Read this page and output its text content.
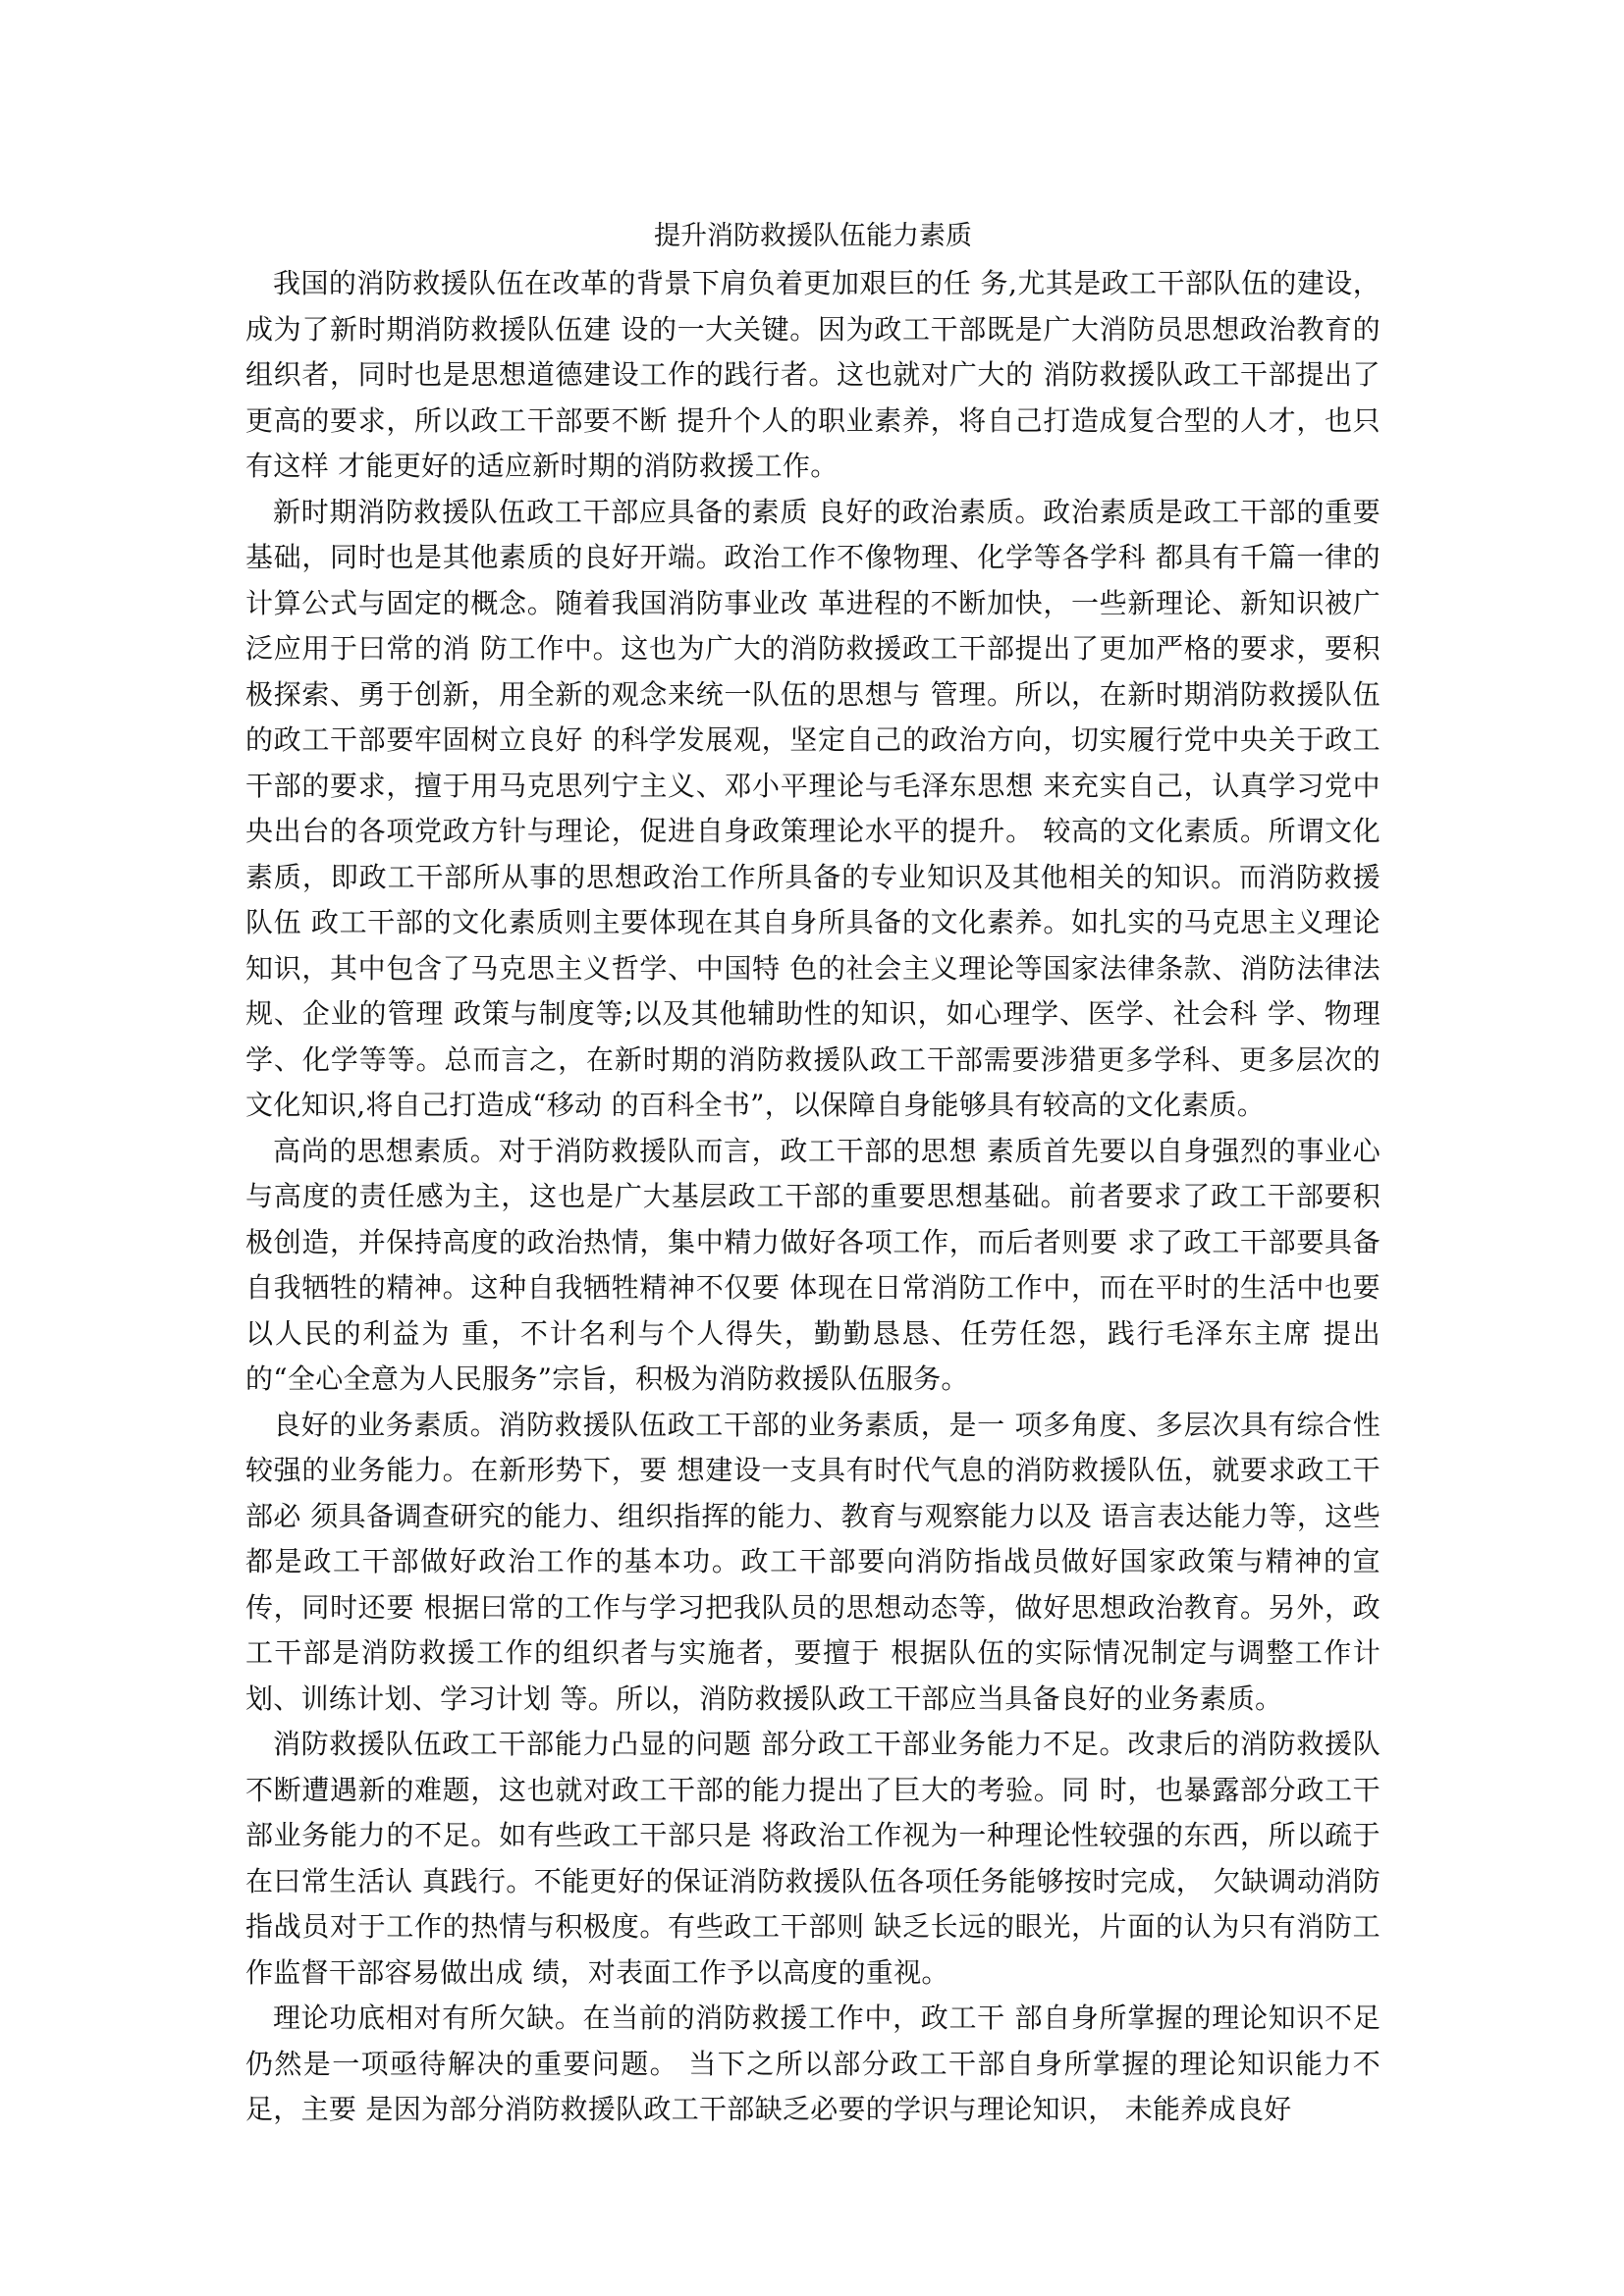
提升消防救援队伍能力素质

我国的消防救援队伍在改革的背景下肩负着更加艰巨的任 务,尤其是政工干部队伍的建设，成为了新时期消防救援队伍建 设的一大关键。因为政工干部既是广大消防员思想政治教育的 组织者，同时也是思想道德建设工作的践行者。这也就对广大的 消防救援队政工干部提出了更高的要求，所以政工干部要不断 提升个人的职业素养，将自己打造成复合型的人才，也只有这样 才能更好的适应新时期的消防救援工作。

新时期消防救援队伍政工干部应具备的素质 良好的政治素质。政治素质是政工干部的重要基础，同时也是其他素质的良好开端。政治工作不像物理、化学等各学科 都具有千篇一律的计算公式与固定的概念。随着我国消防事业改 革进程的不断加快，一些新理论、新知识被广泛应用于曰常的消 防工作中。这也为广大的消防救援政工干部提出了更加严格的要求，要积极探索、勇于创新，用全新的观念来统一队伍的思想与 管理。所以，在新时期消防救援队伍的政工干部要牢固树立良好 的科学发展观，坚定自己的政治方向，切实履行党中央关于政工 干部的要求，擅于用马克思列宁主义、邓小平理论与毛泽东思想 来充实自己，认真学习党中央出台的各项党政方针与理论，促进自身政策理论水平的提升。 较高的文化素质。所谓文化素质，即政工干部所从事的思想政治工作所具备的专业知识及其他相关的知识。而消防救援队伍 政工干部的文化素质则主要体现在其自身所具备的文化素养。如扎实的马克思主义理论知识，其中包含了马克思主义哲学、中国特 色的社会主义理论等国家法律条款、消防法律法规、企业的管理 政策与制度等;以及其他辅助性的知识，如心理学、医学、社会科 学、物理学、化学等等。总而言之，在新时期的消防救援队政工干部需要涉猎更多学科、更多层次的文化知识,将自己打造成“移动 的百科全书”，以保障自身能够具有较高的文化素质。

高尚的思想素质。对于消防救援队而言，政工干部的思想 素质首先要以自身强烈的事业心与高度的责任感为主，这也是广大基层政工干部的重要思想基础。前者要求了政工干部要积极创造，并保持高度的政治热情，集中精力做好各项工作，而后者则要 求了政工干部要具备自我牺牲的精神。这种自我牺牲精神不仅要 体现在日常消防工作中，而在平时的生活中也要以人民的利益为 重，不计名利与个人得失，勤勤恳恳、任劳任怨，践行毛泽东主席 提出的“全心全意为人民服务”宗旨，积极为消防救援队伍服务。

良好的业务素质。消防救援队伍政工干部的业务素质，是一 项多角度、多层次具有综合性较强的业务能力。在新形势下，要 想建设一支具有时代气息的消防救援队伍，就要求政工干部必 须具备调查研究的能力、组织指挥的能力、教育与观察能力以及 语言表达能力等，这些都是政工干部做好政治工作的基本功。政工干部要向消防指战员做好国家政策与精神的宣传，同时还要 根据曰常的工作与学习把我队员的思想动态等，做好思想政治教育。另外，政工干部是消防救援工作的组织者与实施者，要擅于 根据队伍的实际情况制定与调整工作计划、训练计划、学习计划 等。所以，消防救援队政工干部应当具备良好的业务素质。

消防救援队伍政工干部能力凸显的问题 部分政工干部业务能力不足。改隶后的消防救援队不断遭遇新的难题，这也就对政工干部的能力提出了巨大的考验。同 时，也暴露部分政工干部业务能力的不足。如有些政工干部只是 将政治工作视为一种理论性较强的东西，所以疏于在曰常生活认 真践行。不能更好的保证消防救援队伍各项任务能够按时完成， 欠缺调动消防指战员对于工作的热情与积极度。有些政工干部则 缺乏长远的眼光，片面的认为只有消防工作监督干部容易做出成 绩，对表面工作予以高度的重视。

理论功底相对有所欠缺。在当前的消防救援工作中，政工干 部自身所掌握的理论知识不足仍然是一项亟待解决的重要问题。 当下之所以部分政工干部自身所掌握的理论知识能力不足，主要 是因为部分消防救援队政工干部缺乏必要的学识与理论知识， 未能养成良好
